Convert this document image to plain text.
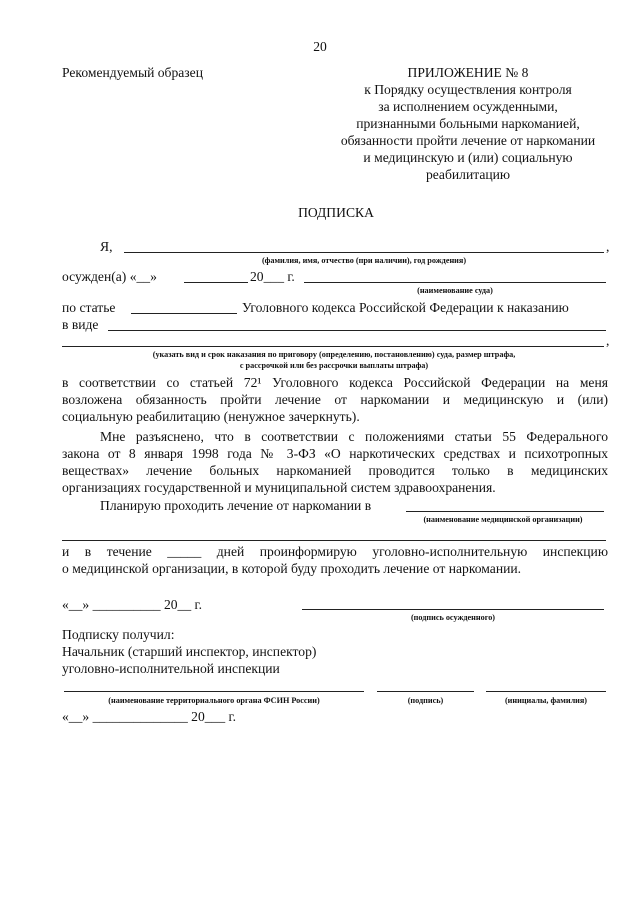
20
Рекомендуемый образец	ПРИЛОЖЕНИЕ № 8
к Порядку осуществления контроля
за исполнением осужденными,
признанными больными наркоманией,
обязанности пройти лечение от наркомании
и медицинскую и (или) социальную
реабилитацию
ПОДПИСКА
Я,	,
(фамилия, имя, отчество (при наличии), год рождения)
осужден(а) «__»	20___ г.
(наименование суда)
по статье	Уголовного кодекса Российской Федерации к наказанию
в виде
,
(указать вид и срок наказания по приговору (определению, постановлению) суда, размер штрафа,
с рассрочкой или без рассрочки выплаты штрафа)
в соответствии со статьей 72¹ Уголовного кодекса Российской Федерации на меня
возложена обязанность пройти лечение от наркомании и медицинскую и (или)
социальную реабилитацию (ненужное зачеркнуть).
Мне разъяснено, что в соответствии с положениями статьи 55 Федерального
закона от 8 января 1998 года № 3-ФЗ «О наркотических средствах и психотропных
веществах» лечение больных наркоманией проводится только в медицинских
организациях государственной и муниципальной систем здравоохранения.
Планирую проходить лечение от наркомании в
(наименование медицинской организации)
и в течение _____ дней проинформирую уголовно-исполнительную инспекцию
о медицинской организации, в которой буду проходить лечение от наркомании.
«__» __________ 20__ г.
(подпись осужденного)
Подписку получил:
Начальник (старший инспектор, инспектор)
уголовно-исполнительной инспекции
(наименование территориального органа ФСИН России)	(подпись)	(инициалы, фамилия)
«__» ______________ 20___ г.
